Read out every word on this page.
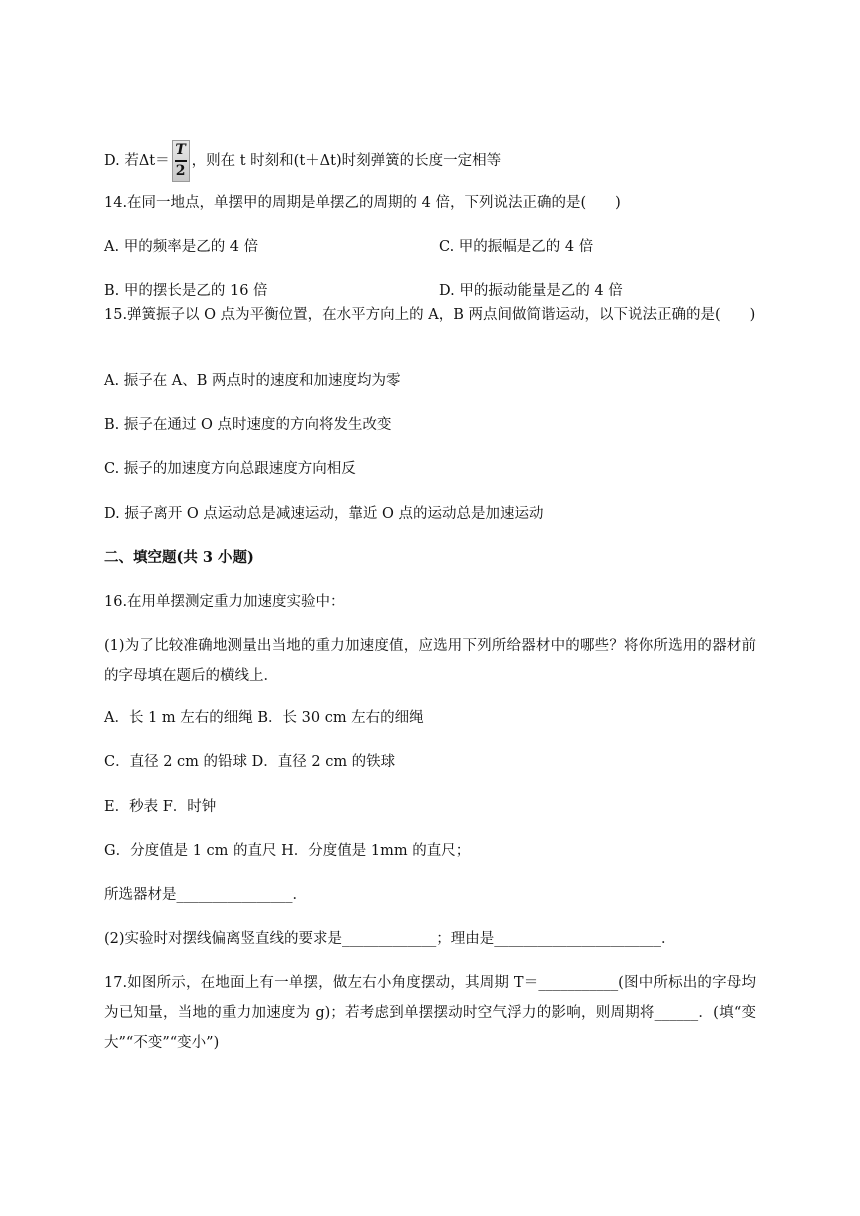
D. 若$\Delta t= \frac{T}{2}$ ，则在 t 时刻和(t＋Δt)时刻弹簧的长度一定相等
14.在同一地点，单摆甲的周期是单摆乙的周期的 4 倍，下列说法正确的是(　　)
A. 甲的频率是乙的 4 倍	C. 甲的振幅是乙的 4 倍
B. 甲的摆长是乙的 16 倍	D. 甲的振动能量是乙的 4 倍
15.弹簧振子以 O 点为平衡位置，在水平方向上的 A，B 两点间做简谐运动，以下说法正确的是(　　)
A. 振子在 A、B 两点时的速度和加速度均为零
B. 振子在通过 O 点时速度的方向将发生改变
C. 振子的加速度方向总跟速度方向相反
D. 振子离开 O 点运动总是减速运动，靠近 O 点的运动总是加速运动
二、填空题(共 3 小题)
16.在用单摆测定重力加速度实验中：
(1)为了比较准确地测量出当地的重力加速度值，应选用下列所给器材中的哪些？将你所选用的器材前的字母填在题后的横线上．
A．长 1 m 左右的细绳 B．长 30 cm 左右的细绳
C．直径 2 cm 的铅球 D．直径 2 cm 的铁球
E．秒表 F．时钟
G．分度值是 1 cm 的直尺 H．分度值是 1mm 的直尺；
所选器材是________________．
(2)实验时对摆线偏离竖直线的要求是_____________；理由是_______________________．
17.如图所示，在地面上有一单摆，做左右小角度摆动，其周期 T＝___________(图中所标出的字母均为已知量，当地的重力加速度为 g)；若考虑到单摆摆动时空气浮力的影响，则周期将______．(填“变大”“不变”“变小”)
